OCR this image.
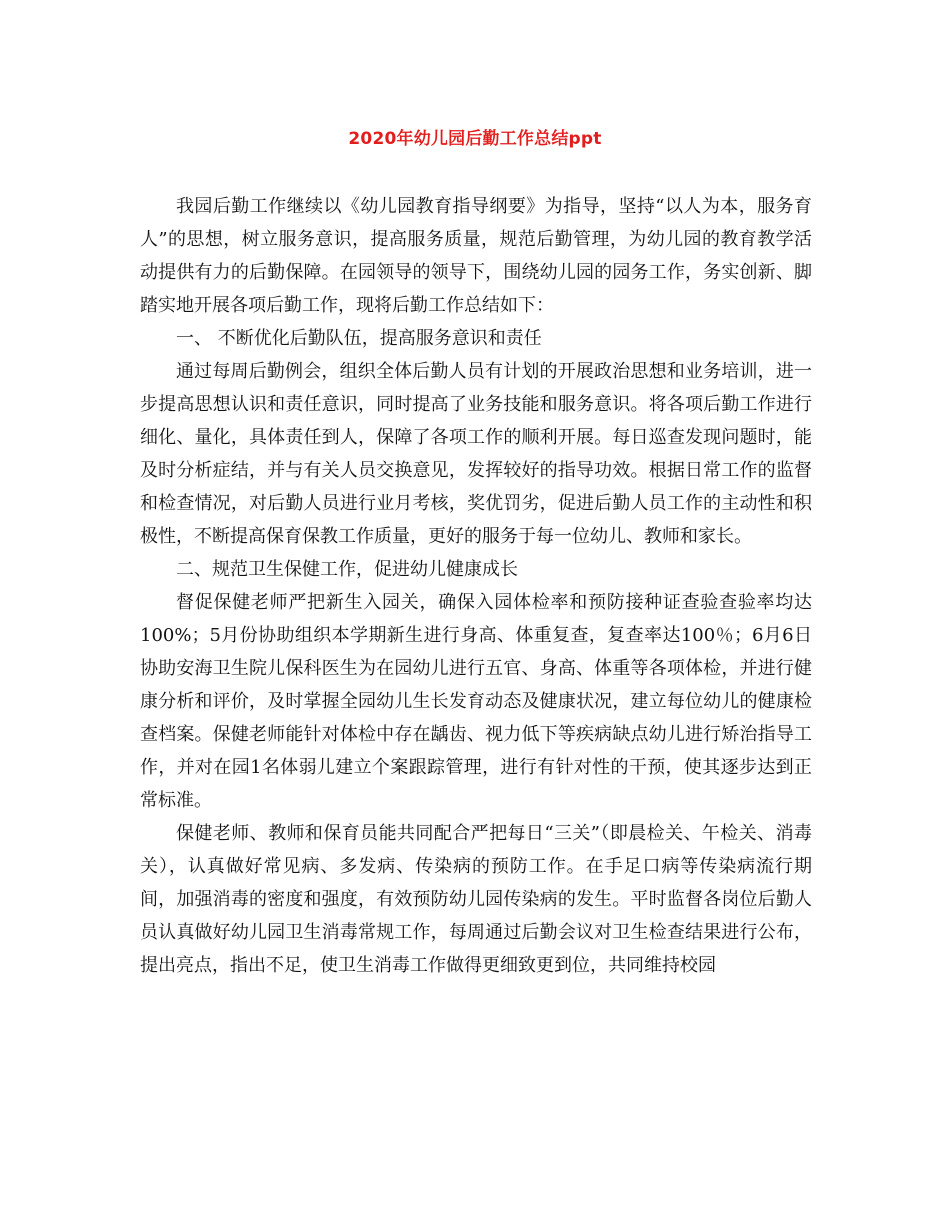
2020年幼儿园后勤工作总结ppt

我园后勤工作继续以《幼儿园教育指导纲要》为指导，坚持“以人为本，服务育人”的思想，树立服务意识，提高服务质量，规范后勤管理，为幼儿园的教育教学活动提供有力的后勤保障。在园领导的领导下，围绕幼儿园的园务工作，务实创新、脚踏实地开展各项后勤工作，现将后勤工作总结如下：

一、 不断优化后勤队伍，提高服务意识和责任

通过每周后勤例会，组织全体后勤人员有计划的开展政治思想和业务培训，进一步提高思想认识和责任意识，同时提高了业务技能和服务意识。将各项后勤工作进行细化、量化，具体责任到人，保障了各项工作的顺利开展。每日巡查发现问题时，能及时分析症结，并与有关人员交换意见，发挥较好的指导功效。根据日常工作的监督和检查情况，对后勤人员进行业月考核，奖优罚劣，促进后勤人员工作的主动性和积极性，不断提高保育保教工作质量，更好的服务于每一位幼儿、教师和家长。

二、规范卫生保健工作，促进幼儿健康成长

督促保健老师严把新生入园关，确保入园体检率和预防接种证查验查验率均达100%；5月份协助组织本学期新生进行身高、体重复查，复查率达100％；6月6日协助安海卫生院儿保科医生为在园幼儿进行五官、身高、体重等各项体检，并进行健康分析和评价，及时掌握全园幼儿生长发育动态及健康状况，建立每位幼儿的健康检查档案。保健老师能针对体检中存在龋齿、视力低下等疾病缺点幼儿进行矫治指导工作，并对在园1名体弱儿建立个案跟踪管理，进行有针对性的干预，使其逐步达到正常标准。

保健老师、教师和保育员能共同配合严把每日“三关”（即晨检关、午检关、消毒关），认真做好常见病、多发病、传染病的预防工作。在手足口病等传染病流行期间，加强消毒的密度和强度，有效预防幼儿园传染病的发生。平时监督各岗位后勤人员认真做好幼儿园卫生消毒常规工作，每周通过后勤会议对卫生检查结果进行公布，提出亮点，指出不足，使卫生消毒工作做得更细致更到位，共同维持校园
